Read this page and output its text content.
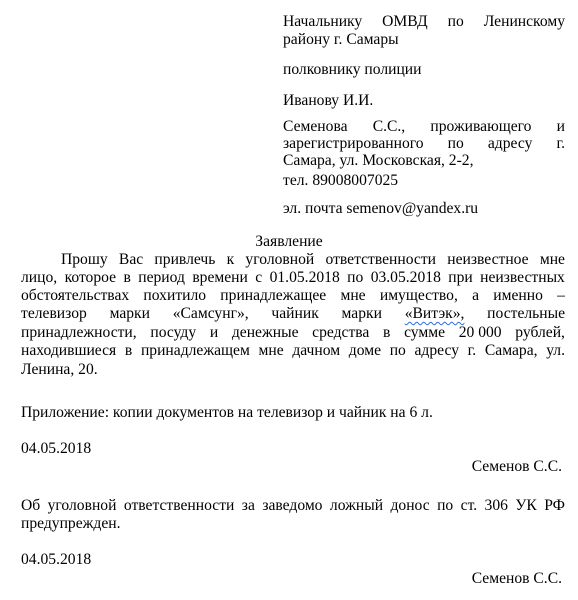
Начальнику ОМВД по Ленинскому
району г. Самары
полковнику полиции
Иванову И.И.
Семенова С.С., проживающего и
зарегистрированного по адресу г.
Самара, ул. Московская, 2-2,
тел. 89008007025
эл. почта semenov@yandex.ru
Заявление
Прошу Вас привлечь к уголовной ответственности неизвестное мне
лицо, которое в период времени с 01.05.2018 по 03.05.2018 при неизвестных
обстоятельствах похитило принадлежащее мне имущество, а именно –
телевизор марки «Самсунг», чайник марки «Витэк», постельные
принадлежности, посуду и денежные средства в сумме 20 000 рублей,
находившиеся в принадлежащем мне дачном доме по адресу г. Самара, ул.
Ленина, 20.
Приложение: копии документов на телевизор и чайник на 6 л.
04.05.2018
Семенов С.С.
Об уголовной ответственности за заведомо ложный донос по ст. 306 УК РФ
предупрежден.
04.05.2018
Семенов С.С.
